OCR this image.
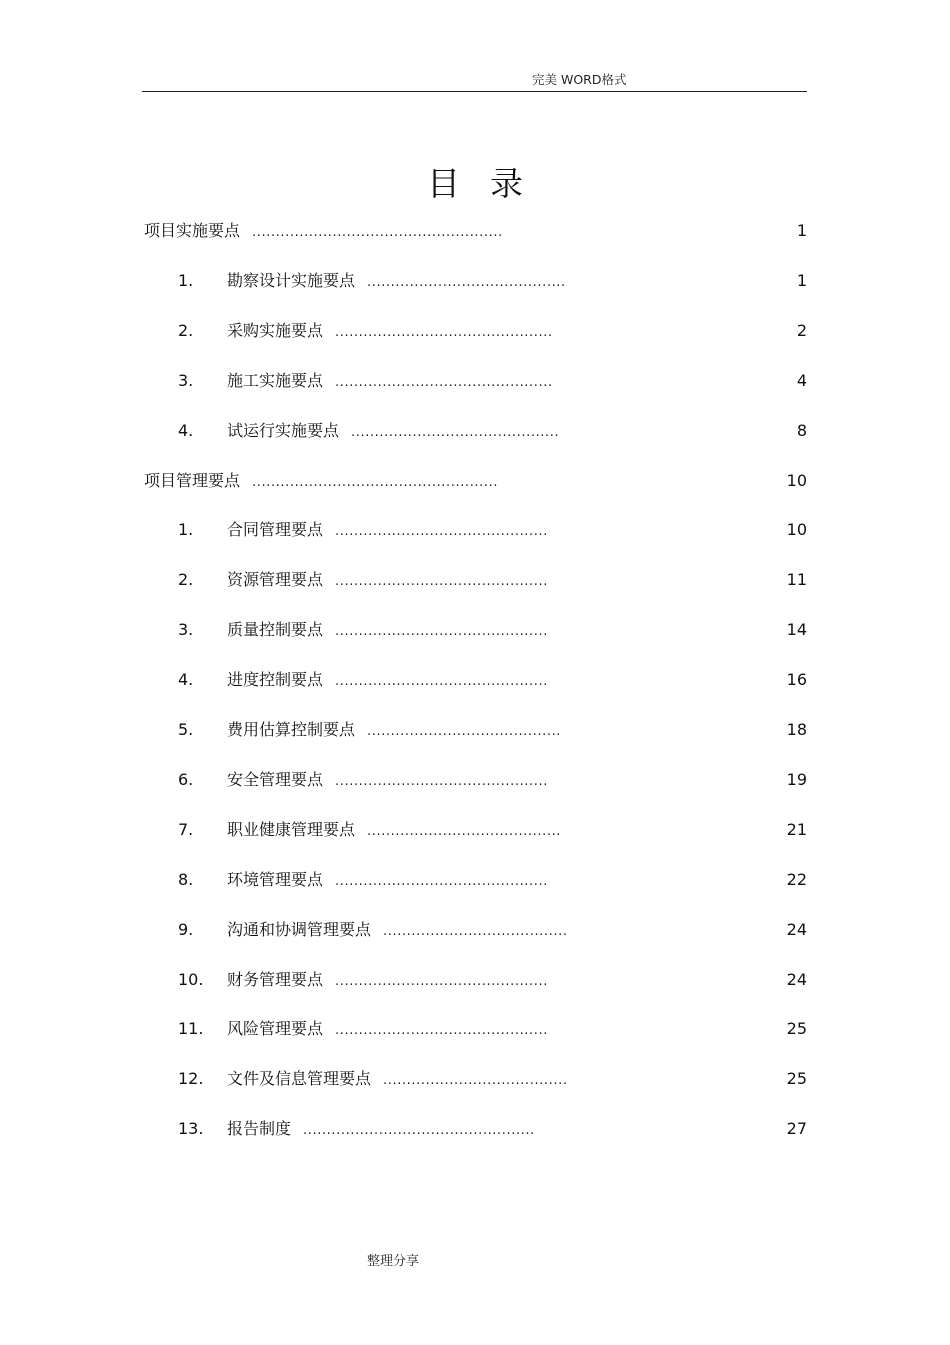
完美 WORD格式
目录
项目实施要点 .....................................................	1
1. 勘察设计实施要点 ..........................................	1
2. 采购实施要点 ..............................................	2
3. 施工实施要点 ..............................................	4
4. 试运行实施要点 ............................................	8
项目管理要点 ....................................................	10
1. 合同管理要点 .............................................	10
2. 资源管理要点 .............................................	11
3. 质量控制要点 .............................................	14
4. 进度控制要点 .............................................	16
5. 费用估算控制要点 .........................................	18
6. 安全管理要点 .............................................	19
7. 职业健康管理要点 .........................................	21
8. 环境管理要点 .............................................	22
9. 沟通和协调管理要点 .......................................	24
10. 财务管理要点 .............................................	24
11. 风险管理要点 .............................................	25
12. 文件及信息管理要点 .......................................	25
13. 报告制度 .................................................	27
整理分享
